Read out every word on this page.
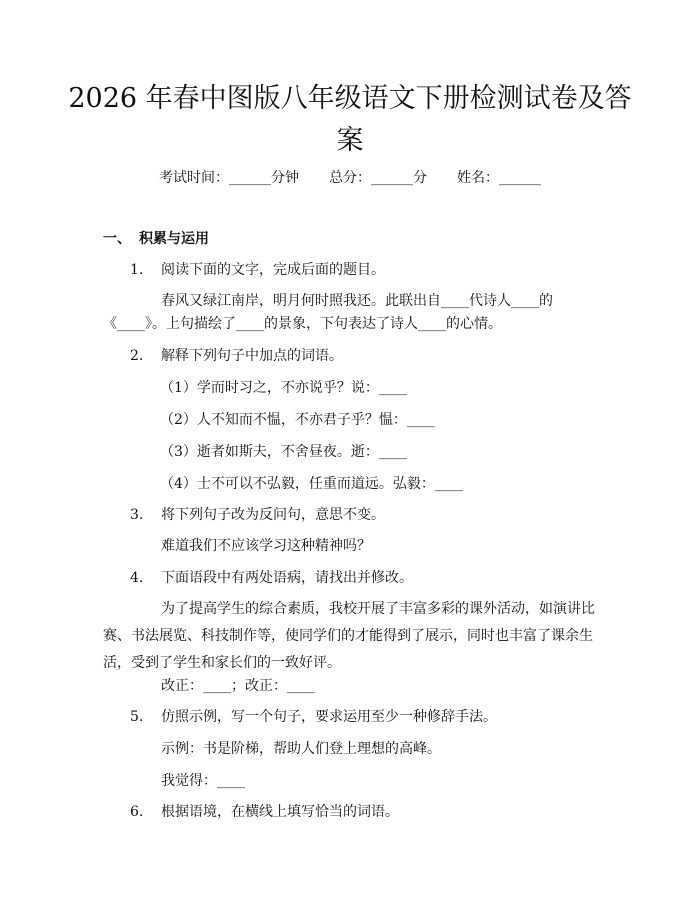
2026 年春中图版八年级语文下册检测试卷及答案
考试时间：______分钟 总分：______分 姓名：______
一、 积累与运用
1. 阅读下面的文字，完成后面的题目。
春风又绿江南岸，明月何时照我还。此联出自____代诗人____的
《____》。上句描绘了____的景象，下句表达了诗人____的心情。
2. 解释下列句子中加点的词语。
（1）学而时习之，不亦说乎？说：____
（2）人不知而不愠，不亦君子乎？愠：____
（3）逝者如斯夫，不舍昼夜。逝：____
（4）士不可以不弘毅，任重而道远。弘毅：____
3. 将下列句子改为反问句，意思不变。
难道我们不应该学习这种精神吗？
4. 下面语段中有两处语病，请找出并修改。
为了提高学生的综合素质，我校开展了丰富多彩的课外活动，如演讲比赛、书法展览、科技制作等，使同学们的才能得到了展示，同时也丰富了课余生活，受到了学生和家长们的一致好评。
改正：____；改正：____
5. 仿照示例，写一个句子，要求运用至少一种修辞手法。
示例：书是阶梯，帮助人们登上理想的高峰。
我觉得：____
6. 根据语境，在横线上填写恰当的词语。
